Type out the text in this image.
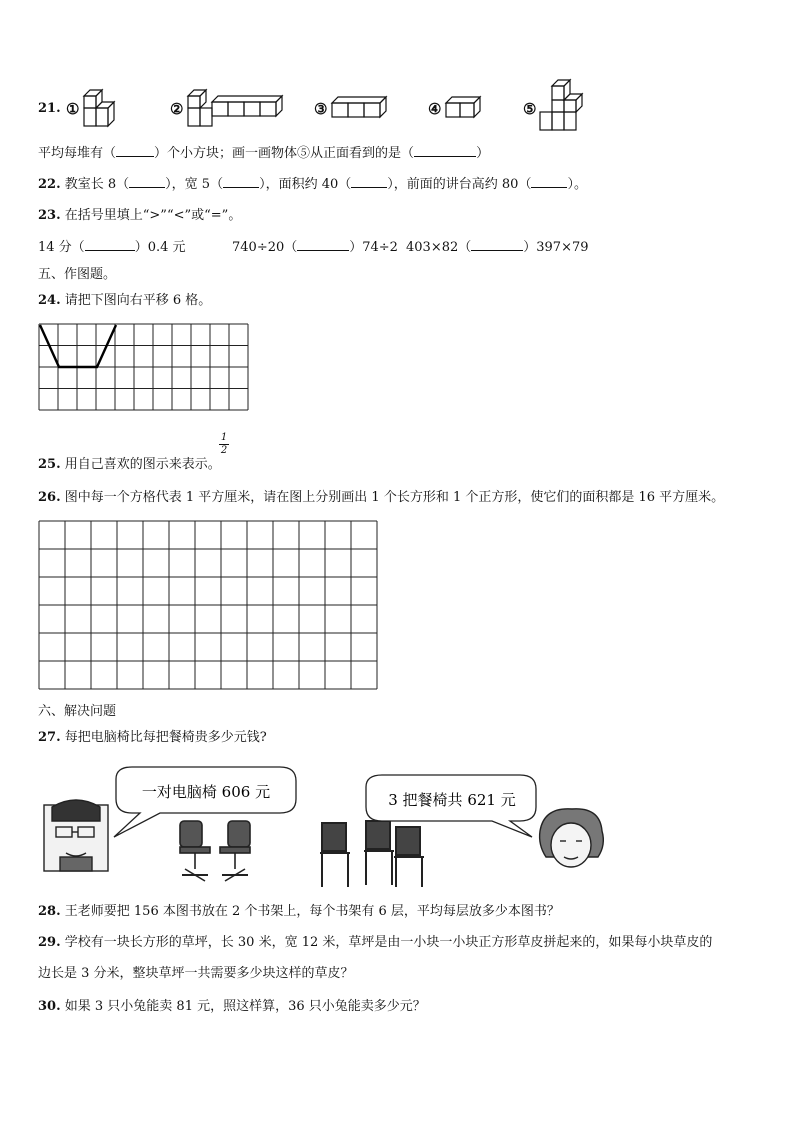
21. ①	②	③	④	⑤
平均每堆有（	）个小方块；画一画物体⑤从正面看到的是（	）
22. 教室长 8（	），宽 5（	），面积约 40（	），前面的讲台高约 80（	）。
23. 在括号里填上“>”“<”或“=”。
14 分（	）0.4 元	740÷20（	）74÷2 403×82（	）397×79
五、作图题。
24. 请把下图向右平移 6 格。
25. 用自己喜欢的图示来表示。
$\frac{1}{2}$
26. 图中每一个方格代表 1 平方厘米，请在图上分别画出 1 个长方形和 1 个正方形，使它们的面积都是 16 平方厘米。
六、解决问题
27. 每把电脑椅比每把餐椅贵多少元钱?
一对电脑椅 606 元	3 把餐椅共 621 元
28. 王老师要把 156 本图书放在 2 个书架上，每个书架有 6 层，平均每层放多少本图书？
29. 学校有一块长方形的草坪，长 30 米，宽 12 米，草坪是由一小块一小块正方形草皮拼起来的，如果每小块草皮的
边长是 3 分米，整块草坪一共需要多少块这样的草皮？
30. 如果 3 只小兔能卖 81 元，照这样算，36 只小兔能卖多少元？
